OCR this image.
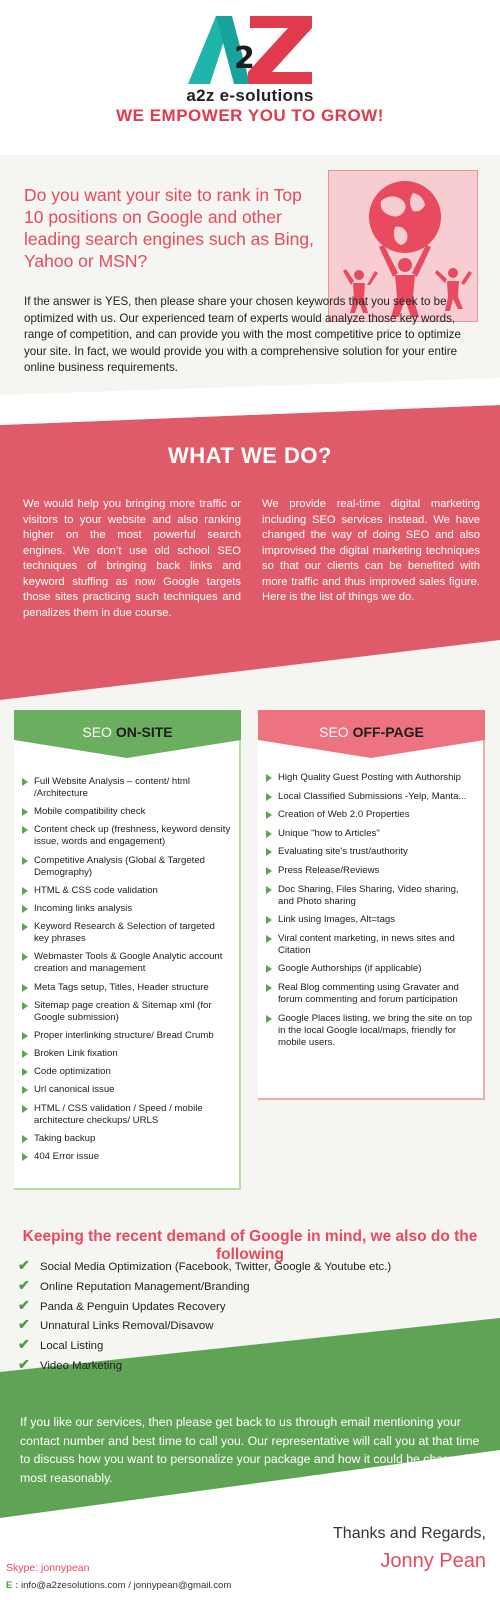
2
a2z e-solutions
WE EMPOWER YOU TO GROW!
Do you want your site to rank in Top 10 positions on Google and other leading search engines such as Bing, Yahoo or MSN?
If the answer is YES, then please share your chosen keywords that you seek to be optimized with us. Our experienced team of experts would analyze those key words, range of competition, and can provide you with the most competitive price to optimize your site. In fact, we would provide you with a comprehensive solution for your entire online business requirements.
WHAT WE DO?
We would help you bringing more traffic or visitors to your website and also ranking higher on the most powerful search engines. We don’t use old school SEO techniques of bringing back links and keyword stuffing as now Google targets those sites practicing such techniques and penalizes them in due course.
We provide real-time digital marketing including SEO services instead. We have changed the way of doing SEO and also improvised the digital marketing techniques so that our clients can be benefited with more traffic and thus improved sales figure. Here is the list of things we do.
SEO ON-SITE
Full Website Analysis – content/ html /Architecture
Mobile compatibility check
Content check up (freshness, keyword density issue, words and engagement)
Competitive Analysis (Global & Targeted Demography)
HTML & CSS code validation
Incoming links analysis
Keyword Research & Selection of targeted key phrases
Webmaster Tools & Google Analytic account creation and management
Meta Tags setup, Titles, Header structure
Sitemap page creation & Sitemap xml (for Google submission)
Proper interlinking structure/ Bread Crumb
Broken Link fixation
Code optimization
Url canonical issue
HTML / CSS validation / Speed / mobile architecture checkups/ URLS
Taking backup
404 Error issue
SEO OFF-PAGE
High Quality Guest Posting with Authorship
Local Classified Submissions -Yelp, Manta...
Creation of Web 2.0 Properties
Unique "how to Articles"
Evaluating site's trust/authority
Press Release/Reviews
Doc Sharing, Files Sharing, Video sharing, and Photo sharing
Link using Images, Alt=tags
Viral content marketing, in news sites and Citation
Google Authorships (if applicable)
Real Blog commenting using Gravater and forum commenting and forum participation
Google Places listing, we bring the site on top in the local Google local/maps, friendly for mobile users.
Keeping the recent demand of Google in mind, we also do the following
✔ Social Media Optimization (Facebook, Twitter, Google & Youtube etc.)
✔ Online Reputation Management/Branding
✔ Panda & Penguin Updates Recovery
✔ Unnatural Links Removal/Disavow
✔ Local Listing
✔ Video Marketing
If you like our services, then please get back to us through email mentioning your contact number and best time to call you. Our representative will call you at that time to discuss how you want to personalize your package and how it could be charged most reasonably.
Thanks and Regards,
Jonny Pean
Skype: jonnypean
E : info@a2zesolutions.com / jonnypean@gmail.com
